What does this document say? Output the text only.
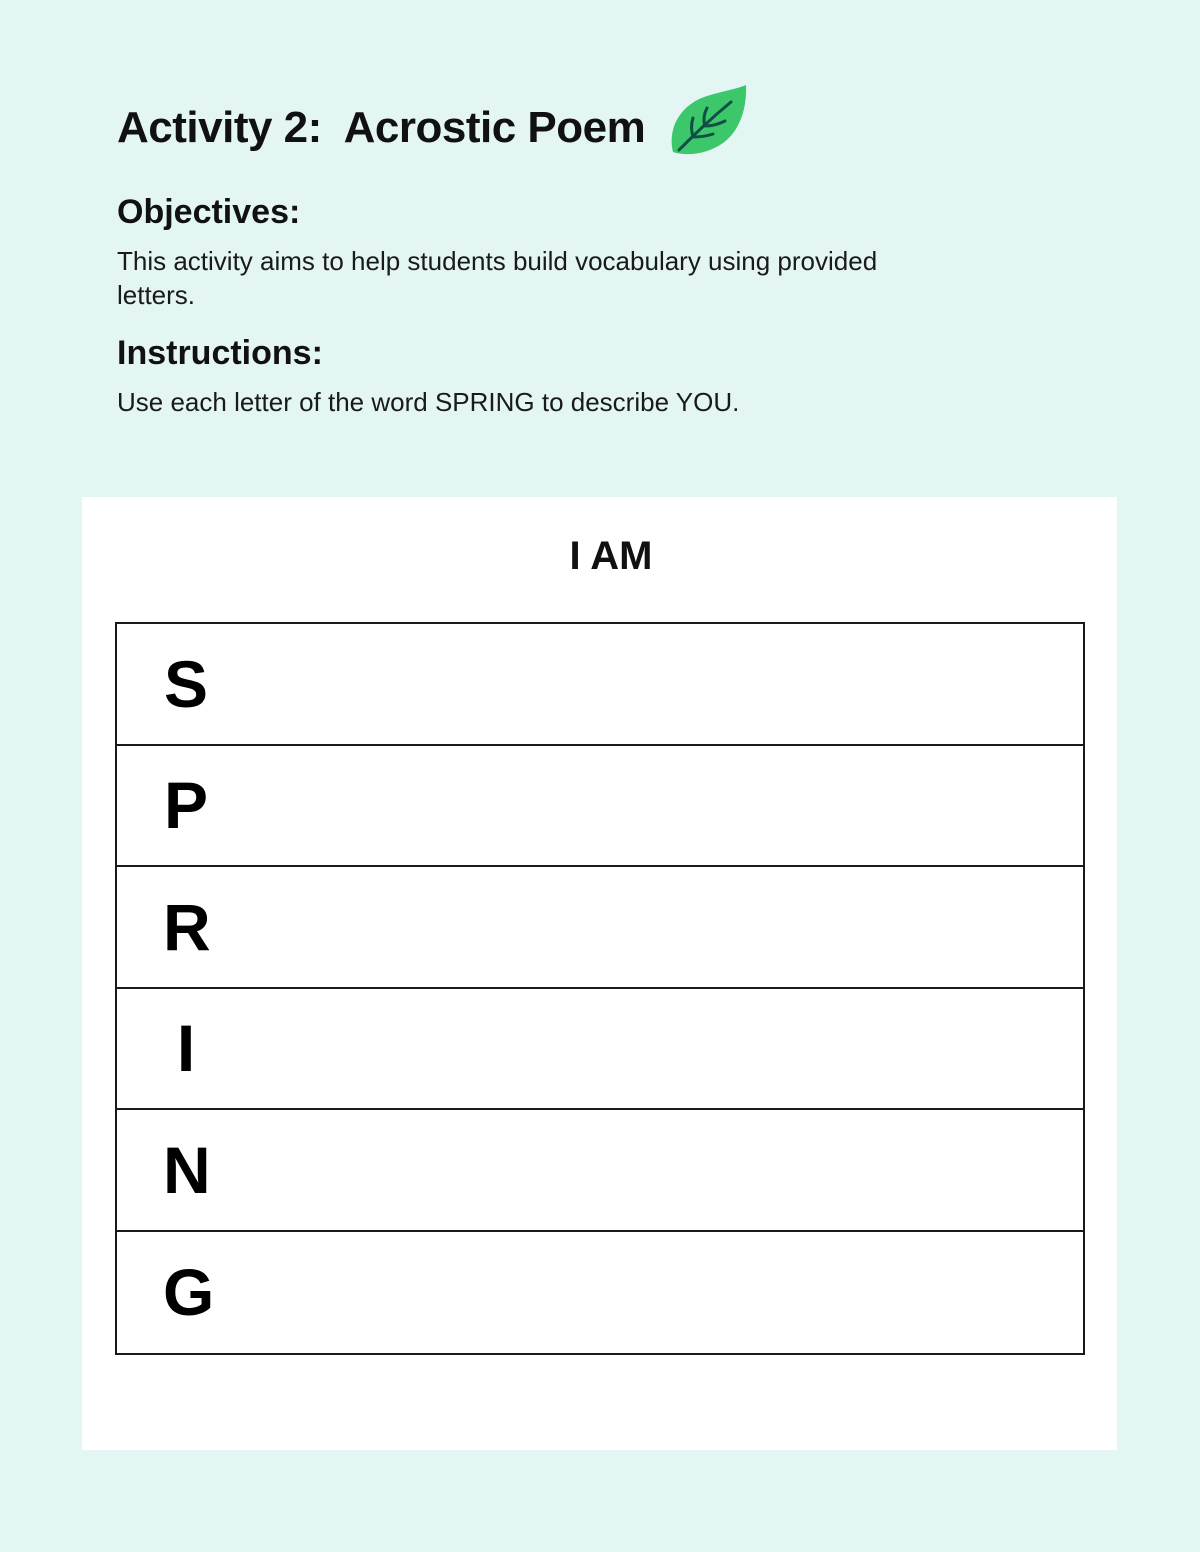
Activity 2:  Acrostic Poem
Objectives:

This activity aims to help students build vocabulary using provided letters.

Instructions:

Use each letter of the word SPRING to describe YOU.

I AM
S
P
R
I
N
G
